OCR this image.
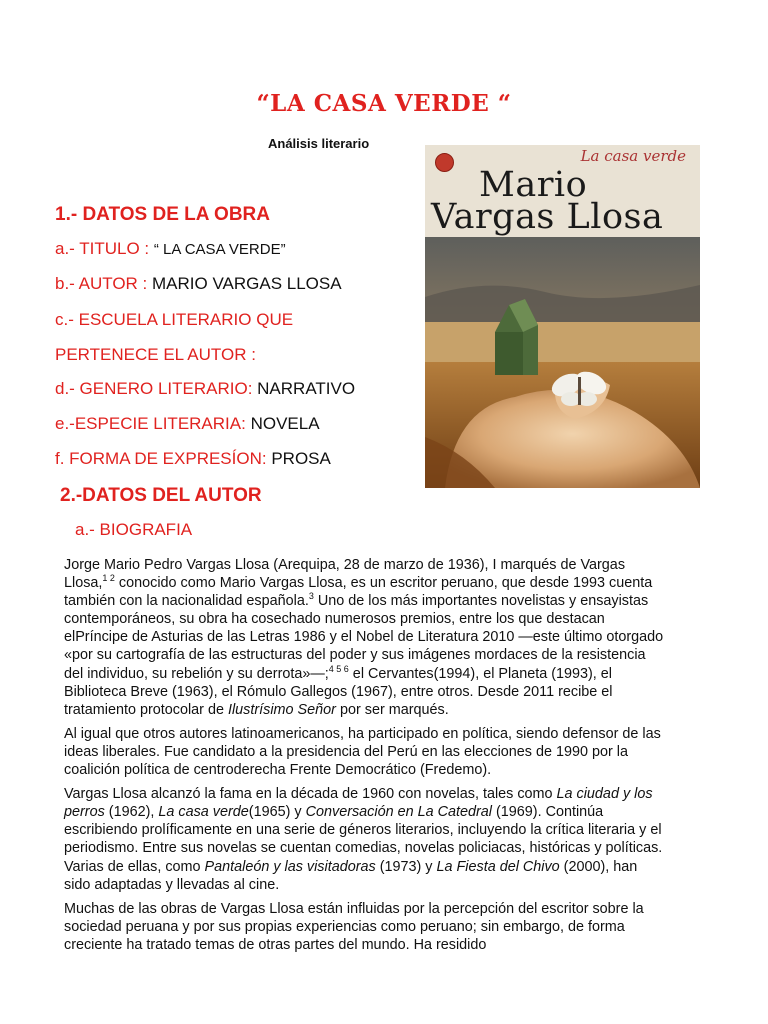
“LA CASA VERDE “
Análisis literario
1.- DATOS DE LA OBRA
a.- TITULO : “ LA CASA VERDE”
b.- AUTOR : MARIO VARGAS LLOSA
c.- ESCUELA LITERARIO QUE
PERTENECE EL AUTOR :
d.- GENERO LITERARIO: NARRATIVO
e.-ESPECIE LITERARIA: NOVELA
f. FORMA DE EXPRESÍON: PROSA
2.-DATOS DEL AUTOR
a.- BIOGRAFIA
La casa verde
Mario
Vargas Llosa

Jorge Mario Pedro Vargas Llosa (Arequipa, 28 de marzo de 1936), I marqués de Vargas Llosa,$^{1 2}$ conocido como Mario Vargas Llosa, es un escritor peruano, que desde 1993 cuenta también con la nacionalidad española.$^3$ Uno de los más importantes novelistas y ensayistas contemporáneos, su obra ha cosechado numerosos premios, entre los que destacan elPríncipe de Asturias de las Letras 1986 y el Nobel de Literatura 2010 —este último otorgado «por su cartografía de las estructuras del poder y sus imágenes mordaces de la resistencia del individuo, su rebelión y su derrota»—;$^{4 5 6}$ el Cervantes(1994), el Planeta (1993), el Biblioteca Breve (1963), el Rómulo Gallegos (1967), entre otros. Desde 2011 recibe el tratamiento protocolar de Ilustrísimo Señor por ser marqués.

Al igual que otros autores latinoamericanos, ha participado en política, siendo defensor de las ideas liberales. Fue candidato a la presidencia del Perú en las elecciones de 1990 por la coalición política de centroderecha Frente Democrático (Fredemo).

Vargas Llosa alcanzó la fama en la década de 1960 con novelas, tales como La ciudad y los perros (1962), La casa verde(1965) y Conversación en La Catedral (1969). Continúa escribiendo prolíficamente en una serie de géneros literarios, incluyendo la crítica literaria y el periodismo. Entre sus novelas se cuentan comedias, novelas policiacas, históricas y políticas. Varias de ellas, como Pantaleón y las visitadoras (1973) y La Fiesta del Chivo (2000), han sido adaptadas y llevadas al cine.

Muchas de las obras de Vargas Llosa están influidas por la percepción del escritor sobre la sociedad peruana y por sus propias experiencias como peruano; sin embargo, de forma creciente ha tratado temas de otras partes del mundo. Ha residido
